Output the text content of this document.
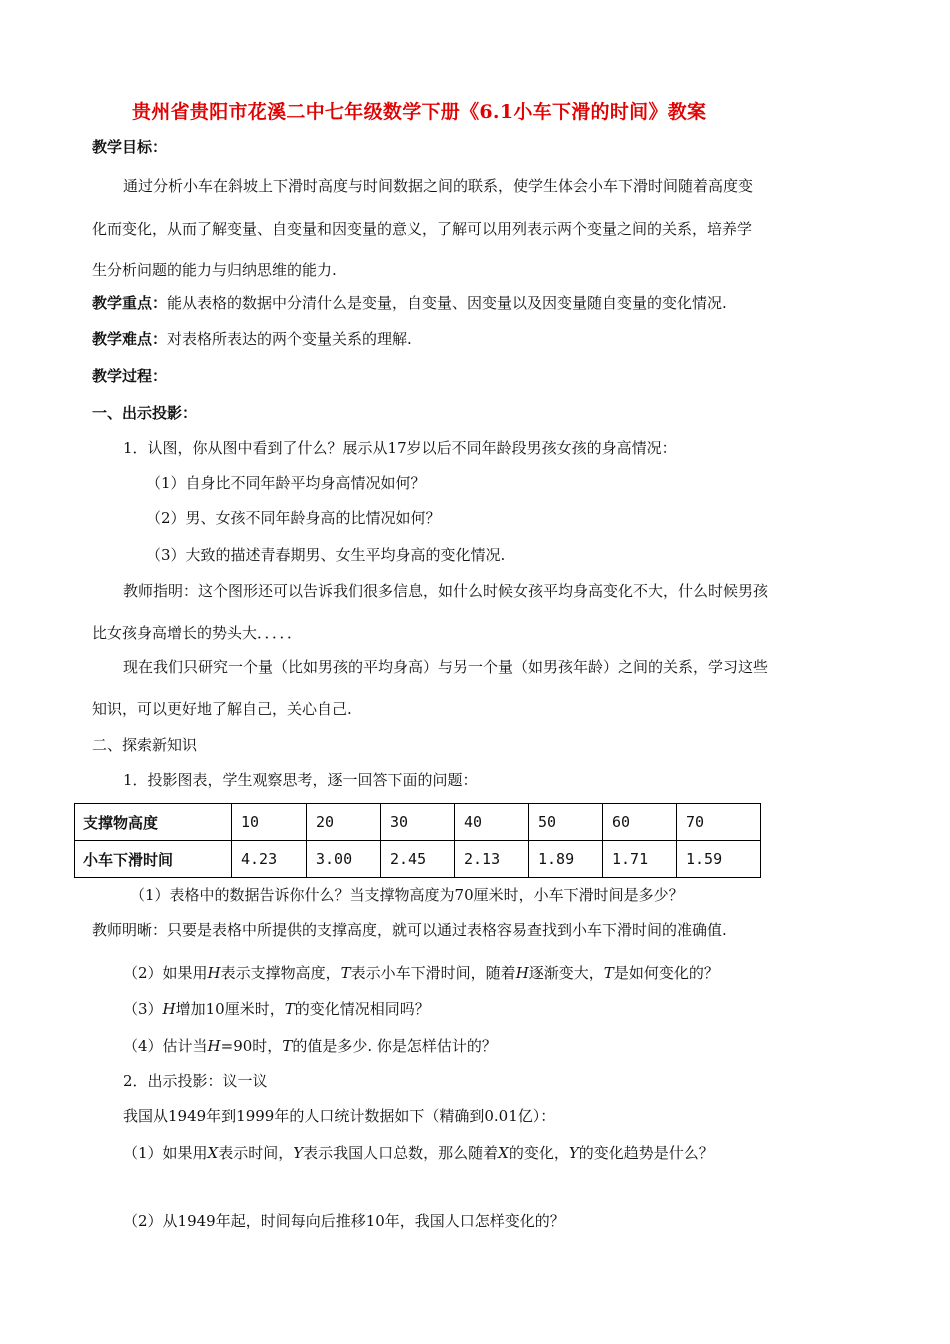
贵州省贵阳市花溪二中七年级数学下册《6.1小车下滑的时间》教案
教学目标：
通过分析小车在斜坡上下滑时高度与时间数据之间的联系，使学生体会小车下滑时间随着高度变
化而变化，从而了解变量、自变量和因变量的意义，了解可以用列表示两个变量之间的关系，培养学
生分析问题的能力与归纳思维的能力.
教学重点：能从表格的数据中分清什么是变量，自变量、因变量以及因变量随自变量的变化情况.
教学难点：对表格所表达的两个变量关系的理解.
教学过程：
一、出示投影：
1．认图，你从图中看到了什么？展示从17岁以后不同年龄段男孩女孩的身高情况：
（1）自身比不同年龄平均身高情况如何？
（2）男、女孩不同年龄身高的比情况如何？
（3）大致的描述青春期男、女生平均身高的变化情况.
教师指明：这个图形还可以告诉我们很多信息，如什么时候女孩平均身高变化不大，什么时候男孩
比女孩身高增长的势头大．．．．．
现在我们只研究一个量（比如男孩的平均身高）与另一个量（如男孩年龄）之间的关系，学习这些
知识，可以更好地了解自己，关心自己.
二、探索新知识
1．投影图表，学生观察思考，逐一回答下面的问题：
支撑物高度	10	20	30	40	50	60	70
小车下滑时间	4.23	3.00	2.45	2.13	1.89	1.71	1.59
（1）表格中的数据告诉你什么？当支撑物高度为70厘米时，小车下滑时间是多少？
教师明晰：只要是表格中所提供的支撑高度，就可以通过表格容易查找到小车下滑时间的准确值.
（2）如果用H表示支撑物高度，T表示小车下滑时间，随着H逐渐变大，T是如何变化的？
（3）H增加10厘米时，T的变化情况相同吗？
（4）估计当H=90时，T的值是多少. 你是怎样估计的？
2．出示投影：议一议
我国从1949年到1999年的人口统计数据如下（精确到0.01亿）：
（1）如果用X表示时间，Y表示我国人口总数，那么随着X的变化，Y的变化趋势是什么？
（2）从1949年起，时间每向后推移10年，我国人口怎样变化的？
